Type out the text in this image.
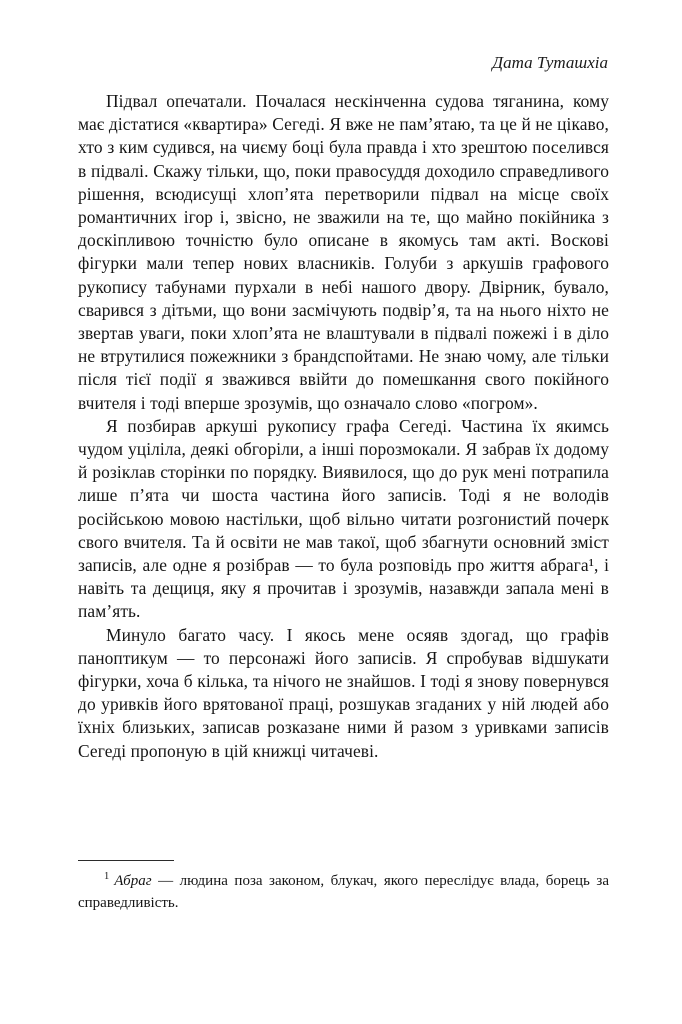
Дата Туташхіа

Підвал опечатали. Почалася нескінченна судова тяганина, кому має дістатися «квартира» Сегеді. Я вже не пам’ятаю, та це й не цікаво, хто з ким судився, на чиєму боці була правда і хто зрештою поселився в підвалі. Скажу тільки, що, поки правосуддя доходило справедливого рішення, всюдисущі хлоп’ята перетворили підвал на місце своїх романтичних ігор і, звісно, не зважили на те, що майно покійника з доскіпливою точністю було описане в якомусь там акті. Воскові фігурки мали тепер нових власників. Голуби з аркушів графового рукопису табунами пурхали в небі нашого двору. Двірник, бувало, сварився з дітьми, що вони засмічують подвір’я, та на нього ніхто не звертав уваги, поки хлоп’ята не влаштували в підвалі пожежі і в діло не втрутилися пожежники з брандспойтами. Не знаю чому, але тільки після тієї події я зважився ввійти до помешкання свого покійного вчителя і тоді вперше зрозумів, що означало слово «погром».

Я позбирав аркуші рукопису графа Сегеді. Частина їх якимсь чудом уціліла, деякі обгоріли, а інші порозмокали. Я забрав їх додому й розіклав сторінки по порядку. Виявилося, що до рук мені потрапила лише п’ята чи шоста частина його записів. Тоді я не володів російською мовою настільки, щоб вільно читати розгонистий почерк свого вчителя. Та й освіти не мав такої, щоб збагнути основний зміст записів, але одне я розібрав — то була розповідь про життя абрага¹, і навіть та дещиця, яку я прочитав і зрозумів, назавжди запала мені в пам’ять.

Минуло багато часу. І якось мене осяяв здогад, що графів паноптикум — то персонажі його записів. Я спробував відшукати фігурки, хоча б кілька, та нічого не знайшов. І тоді я знову повернувся до уривків його врятованої праці, розшукав згаданих у ній людей або їхніх близьких, записав розказане ними й разом з уривками записів Сегеді пропоную в цій книжці читачеві.

$^1$ Абраг — людина поза законом, блукач, якого переслідує влада, борець за справедливість.
